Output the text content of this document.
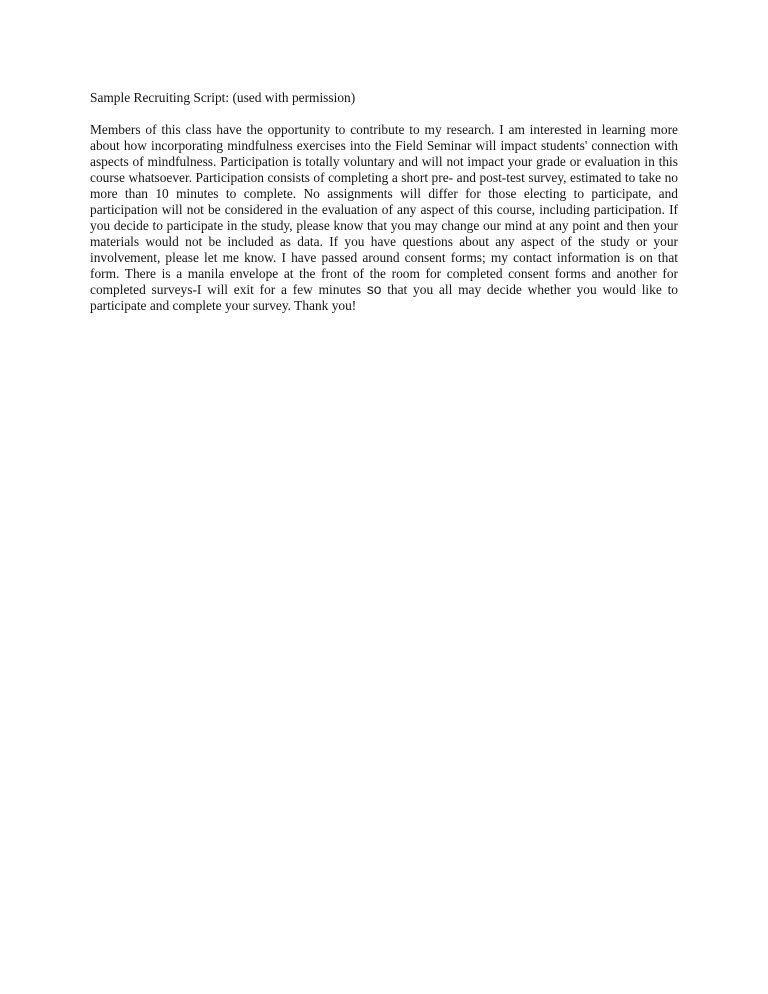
Sample Recruiting Script: (used with permission)

Members of this class have the opportunity to contribute to my research. I am interested in learning more about how incorporating mindfulness exercises into the Field Seminar will impact students' connection with aspects of mindfulness. Participation is totally voluntary and will not impact your grade or evaluation in this course whatsoever. Participation consists of completing a short pre- and post-test survey, estimated to take no more than 10 minutes to complete. No assignments will differ for those electing to participate, and participation will not be considered in the evaluation of any aspect of this course, including participation. If you decide to participate in the study, please know that you may change our mind at any point and then your materials would not be included as data. If you have questions about any aspect of the study or your involvement, please let me know. I have passed around consent forms; my contact information is on that form. There is a manila envelope at the front of the room for completed consent forms and another for completed surveys-I will exit for a few minutes so that you all may decide whether you would like to participate and complete your survey. Thank you!
